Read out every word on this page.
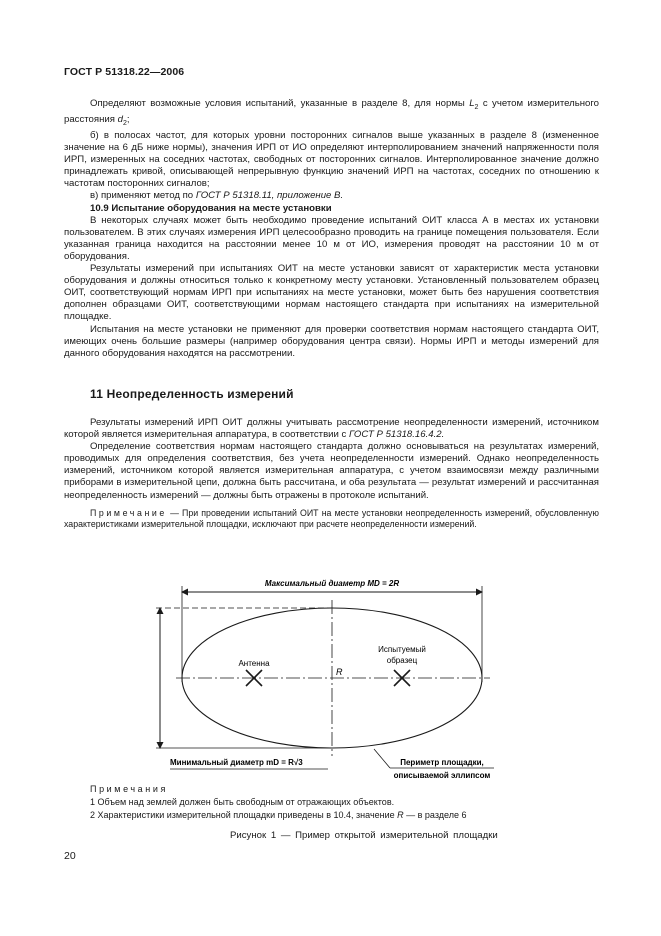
ГОСТ Р 51318.22—2006

Определяют возможные условия испытаний, указанные в разделе 8, для нормы $L_2$ с учетом измерительного расстояния $d_2$;

б) в полосах частот, для которых уровни посторонних сигналов выше указанных в разделе 8 (измененное значение на 6 дБ ниже нормы), значения ИРП от ИО определяют интерполированием значений напряженности поля ИРП, измеренных на соседних частотах, свободных от посторонних сигналов. Интерполированное значение должно принадлежать кривой, описывающей непрерывную функцию значений ИРП на частотах, соседних по отношению к частотам посторонних сигналов;

в) применяют метод по ГОСТ Р 51318.11, приложение В.

10.9 Испытание оборудования на месте установки

В некоторых случаях может быть необходимо проведение испытаний ОИТ класса А в местах их установки пользователем. В этих случаях измерения ИРП целесообразно проводить на границе помещения пользователя. Если указанная граница находится на расстоянии менее 10 м от ИО, измерения проводят на расстоянии 10 м от оборудования.

Результаты измерений при испытаниях ОИТ на месте установки зависят от характеристик места установки оборудования и должны относиться только к конкретному месту установки. Установленный пользователем образец ОИТ, соответствующий нормам ИРП при испытаниях на месте установки, может быть без нарушения соответствия дополнен образцами ОИТ, соответствующими нормам настоящего стандарта при испытаниях на измерительной площадке.

Испытания на месте установки не применяют для проверки соответствия нормам настоящего стандарта ОИТ, имеющих очень большие размеры (например оборудования центра связи). Нормы ИРП и методы измерений для данного оборудования находятся на рассмотрении.

11 Неопределенность измерений

Результаты измерений ИРП ОИТ должны учитывать рассмотрение неопределенности измерений, источником которой является измерительная аппаратура, в соответствии с ГОСТ Р 51318.16.4.2.

Определение соответствия нормам настоящего стандарта должно основываться на результатах измерений, проводимых для определения соответствия, без учета неопределенности измерений. Однако неопределенность измерений, источником которой является измерительная аппаратура, с учетом взаимосвязи между различными приборами в измерительной цепи, должна быть рассчитана, и оба результата — результат измерений и рассчитанная неопределенность измерений — должны быть отражены в протоколе испытаний.

Примечание — При проведении испытаний ОИТ на месте установки неопределенность измерений, обусловленную характеристиками измерительной площадки, исключают при расчете неопределенности измерений.

Максимальный диаметр MD = 2R
Антенна
Испытуемый
образец
R
Минимальный диаметр mD = R√3	Периметр площадки,
описываемой эллипсом
Примечания
1 Объем над землей должен быть свободным от отражающих объектов.
2 Характеристики измерительной площадки приведены в 10.4, значение R — в разделе 6
Рисунок 1 — Пример открытой измерительной площадки
20
